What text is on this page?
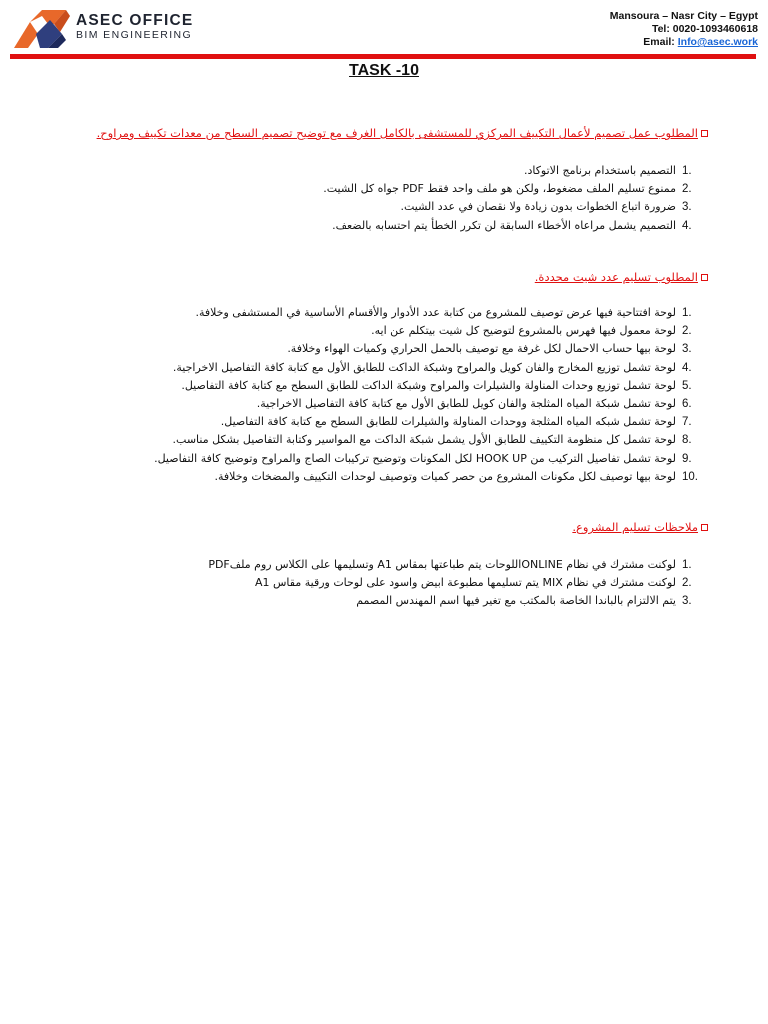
ASEC OFFICE
BIM ENGINEERING
Mansoura – Nasr City – Egypt
Tel: 0020-1093460618
Email: Info@asec.work
TASK -10
المطلوب عمل تصميم لأعمال التكييف المركزي للمستشفى بالكامل الغرف مع توضيح تصميم السطح من معدات تكييف ومراوح.
1.
التصميم باستخدام برنامج الاتوكاد.
2.
ممنوع تسليم الملف مضغوط، ولكن هو ملف واحد فقط PDF جواه كل الشيت.
3.
ضرورة اتباع الخطوات بدون زيادة ولا نقصان في عدد الشيت.
4.
التصميم يشمل مراعاه الأخطاء السابقة لن تكرر الخطأ يتم احتسابه بالضعف.
المطلوب تسليم عدد شيت محددة.
1.
لوحة افتتاحية فيها عرض توصيف للمشروع من كتابة عدد الأدوار والأقسام الأساسية في المستشفى وخلافة.
2.
لوحة معمول فيها فهرس بالمشروع لتوضيح كل شيت بيتكلم عن ايه.
3.
لوحة بيها حساب الاحمال لكل غرفة مع توصيف بالحمل الحراري وكميات الهواء وخلافة.
4.
لوحة تشمل توزيع المخارج والفان كويل والمراوح وشبكة الداكت للطابق الأول مع كتابة كافة التفاصيل الاخراجية.
5.
لوحة تشمل توزيع وحدات المناولة والشيلرات والمراوح وشبكة الداكت للطابق السطح مع كتابة كافة التفاصيل.
6.
لوحة تشمل شبكة المياه المثلجة والفان كويل للطابق الأول مع كتابة كافة التفاصيل الاخراجية.
7.
لوحة تشمل شبكه المياه المثلجة ووحدات المناولة والشيلرات للطابق السطح مع كتابة كافة التفاصيل.
8.
لوحة تشمل كل منظومة التكييف للطابق الأول يشمل شبكة الداكت مع المواسير وكتابة التفاصيل بشكل مناسب.
9.
لوحة تشمل تفاصيل التركيب من HOOK UP لكل المكونات وتوضيح تركيبات الصاج والمراوح وتوضيح كافة التفاصيل.
10.
لوحة بيها توصيف لكل مكونات المشروع من حصر كميات وتوصيف لوحدات التكييف والمضخات وخلافة.
ملاحظات تسليم المشروع.
1.
لوكنت مشترك في نظام ONLINEاللوحات يتم طباعتها بمقاس A1 وتسليمها على الكلاس روم ملفPDF
2.
لوكنت مشترك في نظام MIX يتم تسليمها مطبوعة ابيض واسود على لوحات ورقية مقاس A1
3.
يتم الالتزام بالباندا الخاصة بالمكتب مع تغير فيها اسم المهندس المصمم
